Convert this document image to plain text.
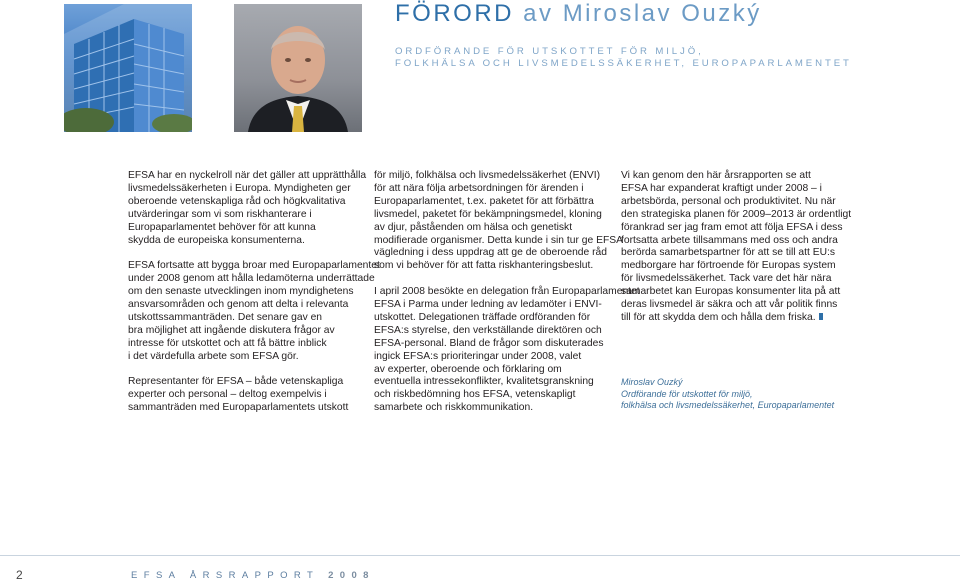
FÖRORD av Miroslav Ouzký
ORDFÖRANDE FÖR UTSKOTTET FÖR MILJÖ,
FOLKHÄLSA OCH LIVSMEDELSSÄKERHET, EUROPAPARLAMENTET

EFSA har en nyckelroll när det gäller att upprätthålla
livsmedelssäkerheten i Europa. Myndigheten ger
oberoende vetenskapliga råd och högkvalitativa
utvärderingar som vi som riskhanterare i
Europaparlamentet behöver för att kunna
skydda de europeiska konsumenterna.

EFSA fortsatte att bygga broar med Europaparlamentet
under 2008 genom att hålla ledamöterna underrättade
om den senaste utvecklingen inom myndighetens
ansvarsområden och genom att delta i relevanta
utskottssammanträden. Det senare gav en
bra möjlighet att ingående diskutera frågor av
intresse för utskottet och att få bättre inblick
i det värdefulla arbete som EFSA gör.

Representanter för EFSA – både vetenskapliga
experter och personal – deltog exempelvis i
sammanträden med Europaparlamentets utskott

för miljö, folkhälsa och livsmedelssäkerhet (ENVI)
för att nära följa arbetsordningen för ärenden i
Europaparlamentet, t.ex. paketet för att förbättra
livsmedel, paketet för bekämpningsmedel, kloning
av djur, påståenden om hälsa och genetiskt
modifierade organismer. Detta kunde i sin tur ge EFSA
vägledning i dess uppdrag att ge de oberoende råd
som vi behöver för att fatta riskhanteringsbeslut.

I april 2008 besökte en delegation från Europaparlamentet
EFSA i Parma under ledning av ledamöter i ENVI-
utskottet. Delegationen träffade ordföranden för
EFSA:s styrelse, den verkställande direktören och
EFSA-personal. Bland de frågor som diskuterades
ingick EFSA:s prioriteringar under 2008, valet
av experter, oberoende och förklaring om
eventuella intressekonflikter, kvalitetsgranskning
och riskbedömning hos EFSA, vetenskapligt
samarbete och riskkommunikation.

Vi kan genom den här årsrapporten se att
EFSA har expanderat kraftigt under 2008 – i
arbetsbörda, personal och produktivitet. Nu när
den strategiska planen för 2009–2013 är ordentligt
förankrad ser jag fram emot att följa EFSA i dess
fortsatta arbete tillsammans med oss och andra
berörda samarbetspartner för att se till att EU:s
medborgare har förtroende för Europas system
för livsmedelssäkerhet. Tack vare det här nära
samarbetet kan Europas konsumenter lita på att
deras livsmedel är säkra och att vår politik finns
till för att skydda dem och hålla dem friska.

Miroslav Ouzký
Ordförande för utskottet för miljö,
folkhälsa och livsmedelssäkerhet, Europaparlamentet
2	EFSA ÅRSRAPPORT 2008
